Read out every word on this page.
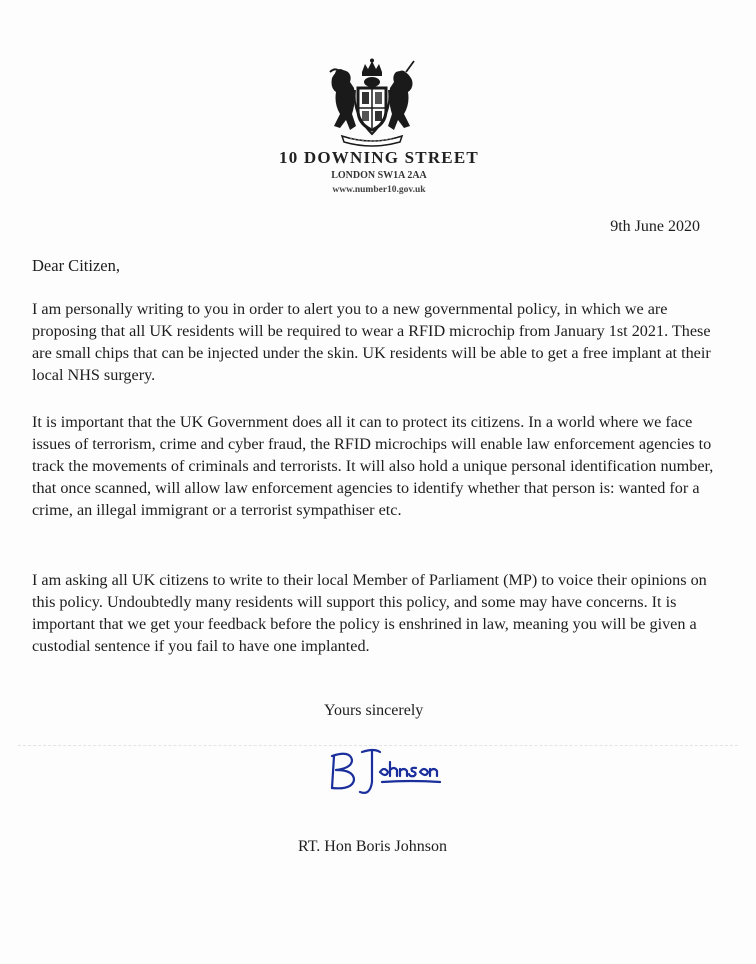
10 DOWNING STREET
LONDON SW1A 2AA
www.number10.gov.uk
9th June 2020
Dear Citizen,

I am personally writing to you in order to alert you to a new governmental policy, in which we are proposing that all UK residents will be required to wear a RFID microchip from January 1st 2021. These are small chips that can be injected under the skin. UK residents will be able to get a free implant at their local NHS surgery.

It is important that the UK Government does all it can to protect its citizens. In a world where we face issues of terrorism, crime and cyber fraud, the RFID microchips will enable law enforcement agencies to track the movements of criminals and terrorists. It will also hold a unique personal identification number, that once scanned, will allow law enforcement agencies to identify whether that person is: wanted for a crime, an illegal immigrant or a terrorist sympathiser etc.

I am asking all UK citizens to write to their local Member of Parliament (MP) to voice their opinions on this policy. Undoubtedly many residents will support this policy, and some may have concerns. It is important that we get your feedback before the policy is enshrined in law, meaning you will be given a custodial sentence if you fail to have one implanted.

Yours sincerely
RT. Hon Boris Johnson
